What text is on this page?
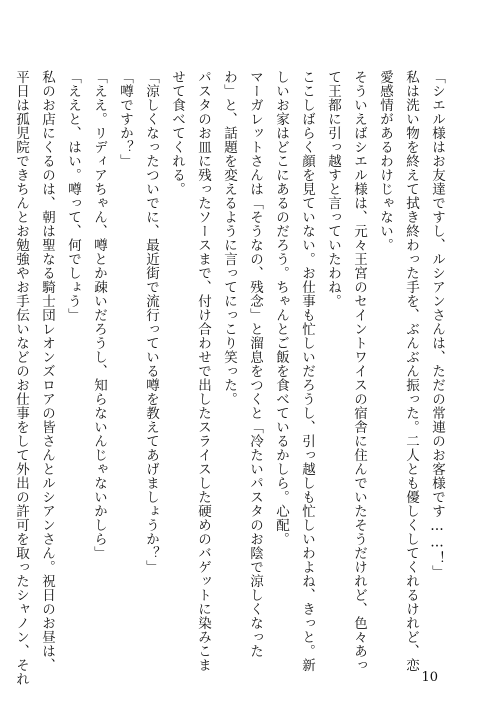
「シエル様はお友達ですし、ルシアンさんは、ただの常連のお客様です……！」
私は洗い物を終えて拭き終わった手を、ぶんぶん振った。二人とも優しくしてくれるけれど、恋
愛感情があるわけじゃない。
そういえばシエル様は、元々王宮のセイントワイスの宿舎に住んでいたそうだけれど、色々あっ
て王都に引っ越すと言っていたわね。
ここしばらく顔を見ていない。お仕事も忙しいだろうし、引っ越しも忙しいわよね、きっと。新
しいお家はどこにあるのだろう。ちゃんとご飯を食べているかしら。心配。
マーガレットさんは「そうなの、残念」と溜息をつくと「冷たいパスタのお陰で涼しくなった
わ」と、話題を変えるように言ってにっこり笑った。
パスタのお皿に残ったソースまで、付け合わせで出したスライスした硬めのバゲットに染みこま
せて食べてくれる。
「涼しくなったついでに、最近街で流行っている噂を教えてあげましょうか？」
「噂ですか？」
「ええ。リディアちゃん、噂とか疎いだろうし、知らないんじゃないかしら」
「ええと、はい。噂って、何でしょう」
私のお店にくるのは、朝は聖なる騎士団レオンズロアの皆さんとルシアンさん。祝日のお昼は、
平日は孤児院できちんとお勉強やお手伝いなどのお仕事をして外出の許可を取ったシャノン、それ	10
